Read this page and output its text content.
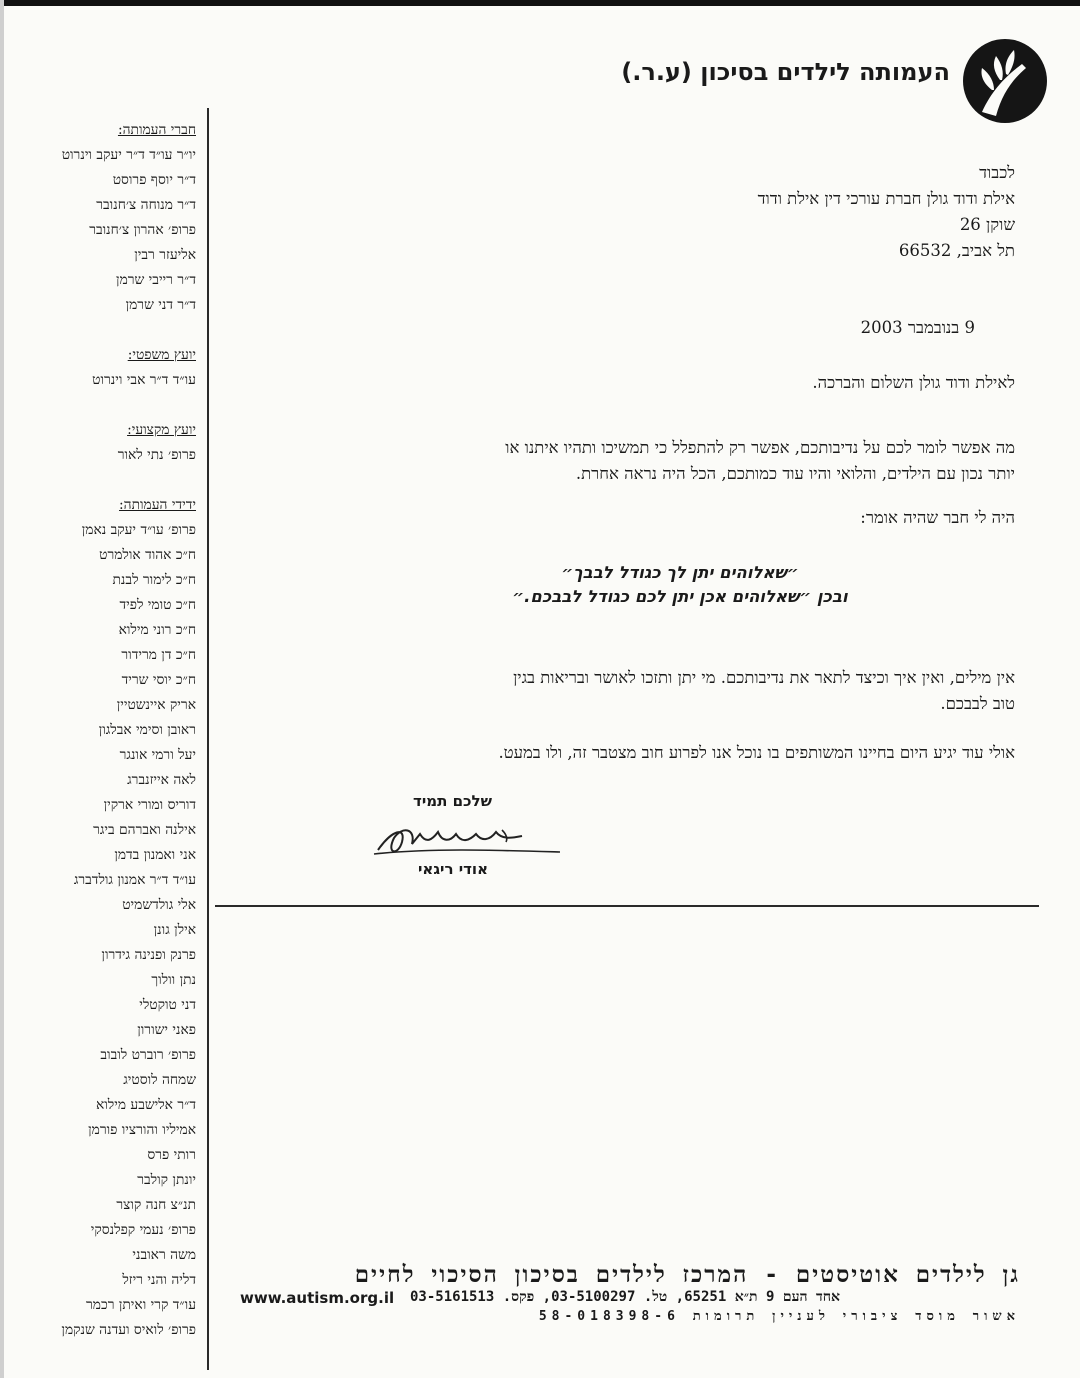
העמותה לילדים בסיכון (ע.ר.)
חברי העמותה:
יו״ר עו״ד ד״ר יעקב וינרוט
ד״ר יוסף פרוסט
ד״ר מנוחה צ׳חנובר
פרופ׳ אהרון צ׳חנובר
אליעזר רבין
ד״ר רייבי שרמן
ד״ר דני שרמן
יועץ משפטי:
עו״ד ד״ר אבי וינרוט
יועץ מקצועי:
פרופ׳ נתי לאור
ידידי העמותה:
פרופ׳ עו״ד יעקב נאמן
ח״כ אהוד אולמרט
ח״כ לימור לבנת
ח״כ טומי לפיד
ח״כ רוני מילוא
ח״כ דן מרידור
ח״כ יוסי שריד
אריק איינשטיין
ראובן וסימי אבלגון
יעל ורמי אונגר
לאה אייזנברג
דוריס ומורי ארקין
אילנה ואברהם ביגר
אני ואמנון בדמן
עו״ד ד״ר אמנון גולדברג
אלי גולדשמיט
אילן גונן
פרנק ופנינה גידרון
נתן וולוך
דני טוקטלי
פאני ישורון
פרופ׳ רוברט לובוב
שמחה לוסטיג
ד״ר אלישבע מילוא
אמיליו והורציו פורמן
רותי פרס
יונתן קולבר
תנ״צ חנה קוצר
פרופ׳ נעמי קפלנסקי
משה ראובני
דליה והני ריזל
עו״ד קרי ואיתן רכמר
פרופ׳ לואיס ועדנה שנקמן
לכבוד
אילת ודוד גולן חברת עורכי דין אילת ודוד
שוקן 26
תל אביב, 66532
9 בנובמבר 2003
לאילת ודוד גולן השלום והברכה.
מה אפשר לומר לכם על נדיבותכם, אפשר רק להתפלל כי תמשיכו ותהיו איתנו או
יותר נכון עם הילדים, והלואי והיו עוד כמותכם, הכל היה נראה אחרת.
היה לי חבר שהיה אומר:
״שאלוהים יתן לך כגודל לבבך״
ובכן ״שאלוהים אכן יתן לכם כגודל לבבכם.״
אין מילים, ואין איך וכיצד לתאר את נדיבותכם. מי יתן ותזכו לאושר ובריאות בגין
טוב לבבכם.
אולי עוד יגיע היום בחיינו המשותפים בו נוכל אנו לפרוע חוב מצטבר זה, ולו במעט.
שלכם תמיד
אודי ריגאי
גן לילדים אוטיסטים - המרכז לילדים בסיכון הסיכוי לחיים
אחד העם 9 ת״א 65251, טל. 03-5100297, פקס. 03-5161513
www.autism.org.il
אשור מוסד ציבורי לעניין תרומות 58-018398-6
